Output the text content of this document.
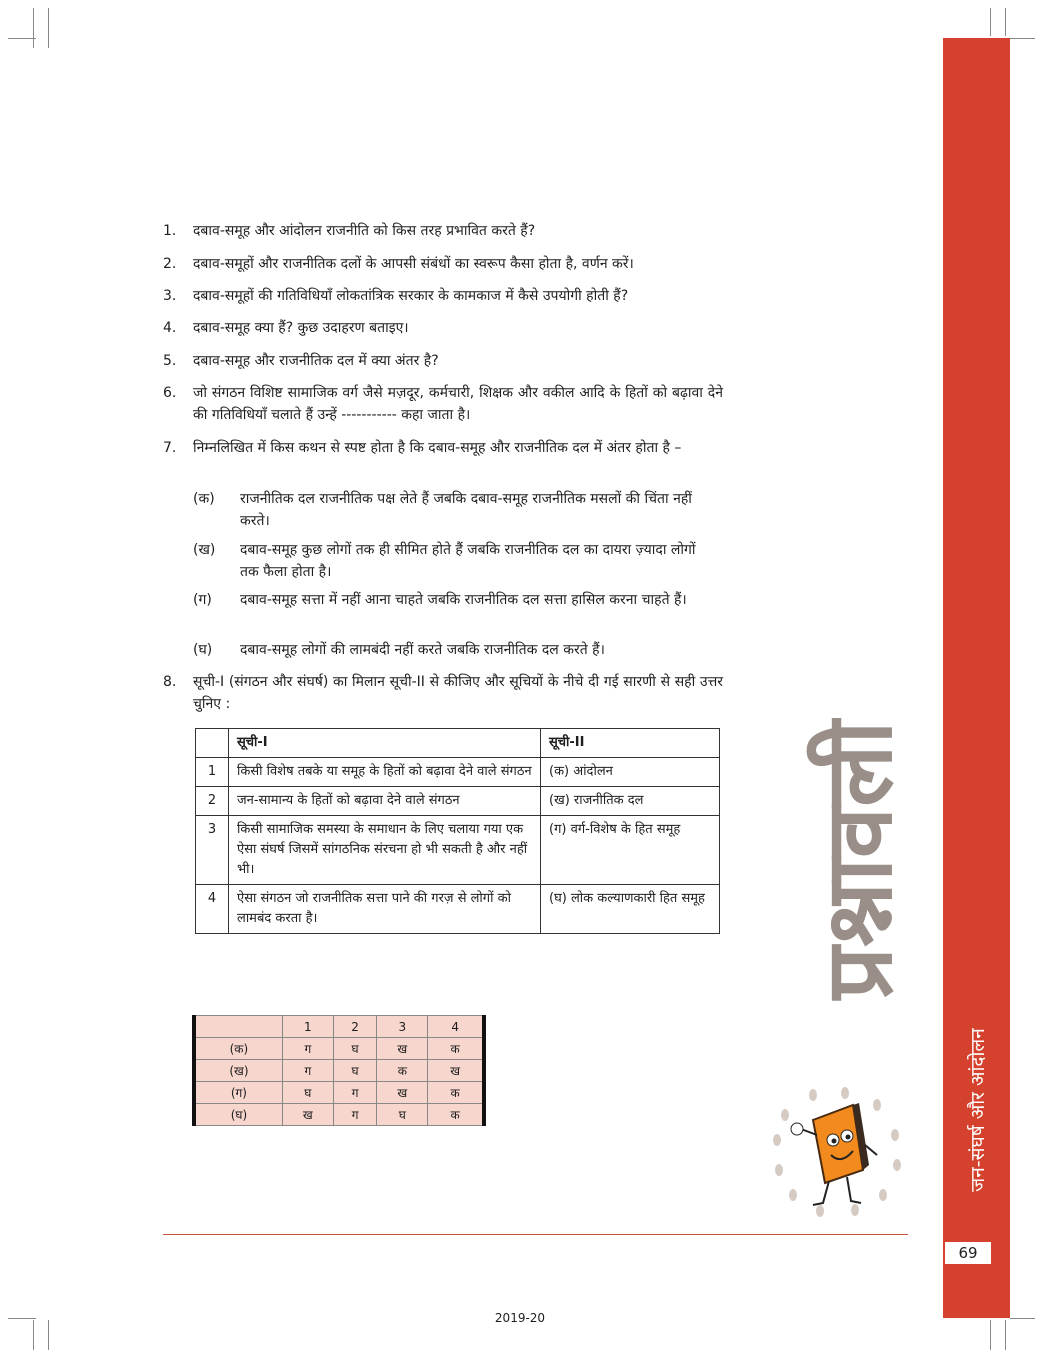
1. दबाव-समूह और आंदोलन राजनीति को किस तरह प्रभावित करते हैं?
2. दबाव-समूहों और राजनीतिक दलों के आपसी संबंधों का स्वरूप कैसा होता है, वर्णन करें।
3. दबाव-समूहों की गतिविधियाँ लोकतांत्रिक सरकार के कामकाज में कैसे उपयोगी होती हैं?
4. दबाव-समूह क्या हैं? कुछ उदाहरण बताइए।
5. दबाव-समूह और राजनीतिक दल में क्या अंतर है?
6. जो संगठन विशिष्ट सामाजिक वर्ग जैसे मज़दूर, कर्मचारी, शिक्षक और वकील आदि के हितों को बढ़ावा देने की गतिविधियाँ चलाते हैं उन्हें ----------- कहा जाता है।
7. निम्नलिखित में किस कथन से स्पष्ट होता है कि दबाव-समूह और राजनीतिक दल में अंतर होता है –
(क) राजनीतिक दल राजनीतिक पक्ष लेते हैं जबकि दबाव-समूह राजनीतिक मसलों की चिंता नहीं करते।
(ख) दबाव-समूह कुछ लोगों तक ही सीमित होते हैं जबकि राजनीतिक दल का दायरा ज़्यादा लोगों तक फैला होता है।
(ग) दबाव-समूह सत्ता में नहीं आना चाहते जबकि राजनीतिक दल सत्ता हासिल करना चाहते हैं।
(घ) दबाव-समूह लोगों की लामबंदी नहीं करते जबकि राजनीतिक दल करते हैं।
8. सूची-I (संगठन और संघर्ष) का मिलान सूची-II से कीजिए और सूचियों के नीचे दी गई सारणी से सही उत्तर चुनिए :
	सूची-I	सूची-II
1	किसी विशेष तबके या समूह के हितों को बढ़ावा देने वाले संगठन	(क) आंदोलन
2	जन-सामान्य के हितों को बढ़ावा देने वाले संगठन	(ख) राजनीतिक दल
3	किसी सामाजिक समस्या के समाधान के लिए चलाया गया एक ऐसा संघर्ष जिसमें सांगठनिक संरचना हो भी सकती है और नहीं भी।	(ग) वर्ग-विशेष के हित समूह
4	ऐसा संगठन जो राजनीतिक सत्ता पाने की गरज़ से लोगों को लामबंद करता है।	(घ) लोक कल्याणकारी हित समूह
	1	2	3	4
(क)	ग	घ	ख	क
(ख)	ग	घ	क	ख
(ग)	घ	ग	ख	क
(घ)	ख	ग	घ	क	जन-संघर्ष और आंदोलन
69
प्रश्नावली
2019-20
